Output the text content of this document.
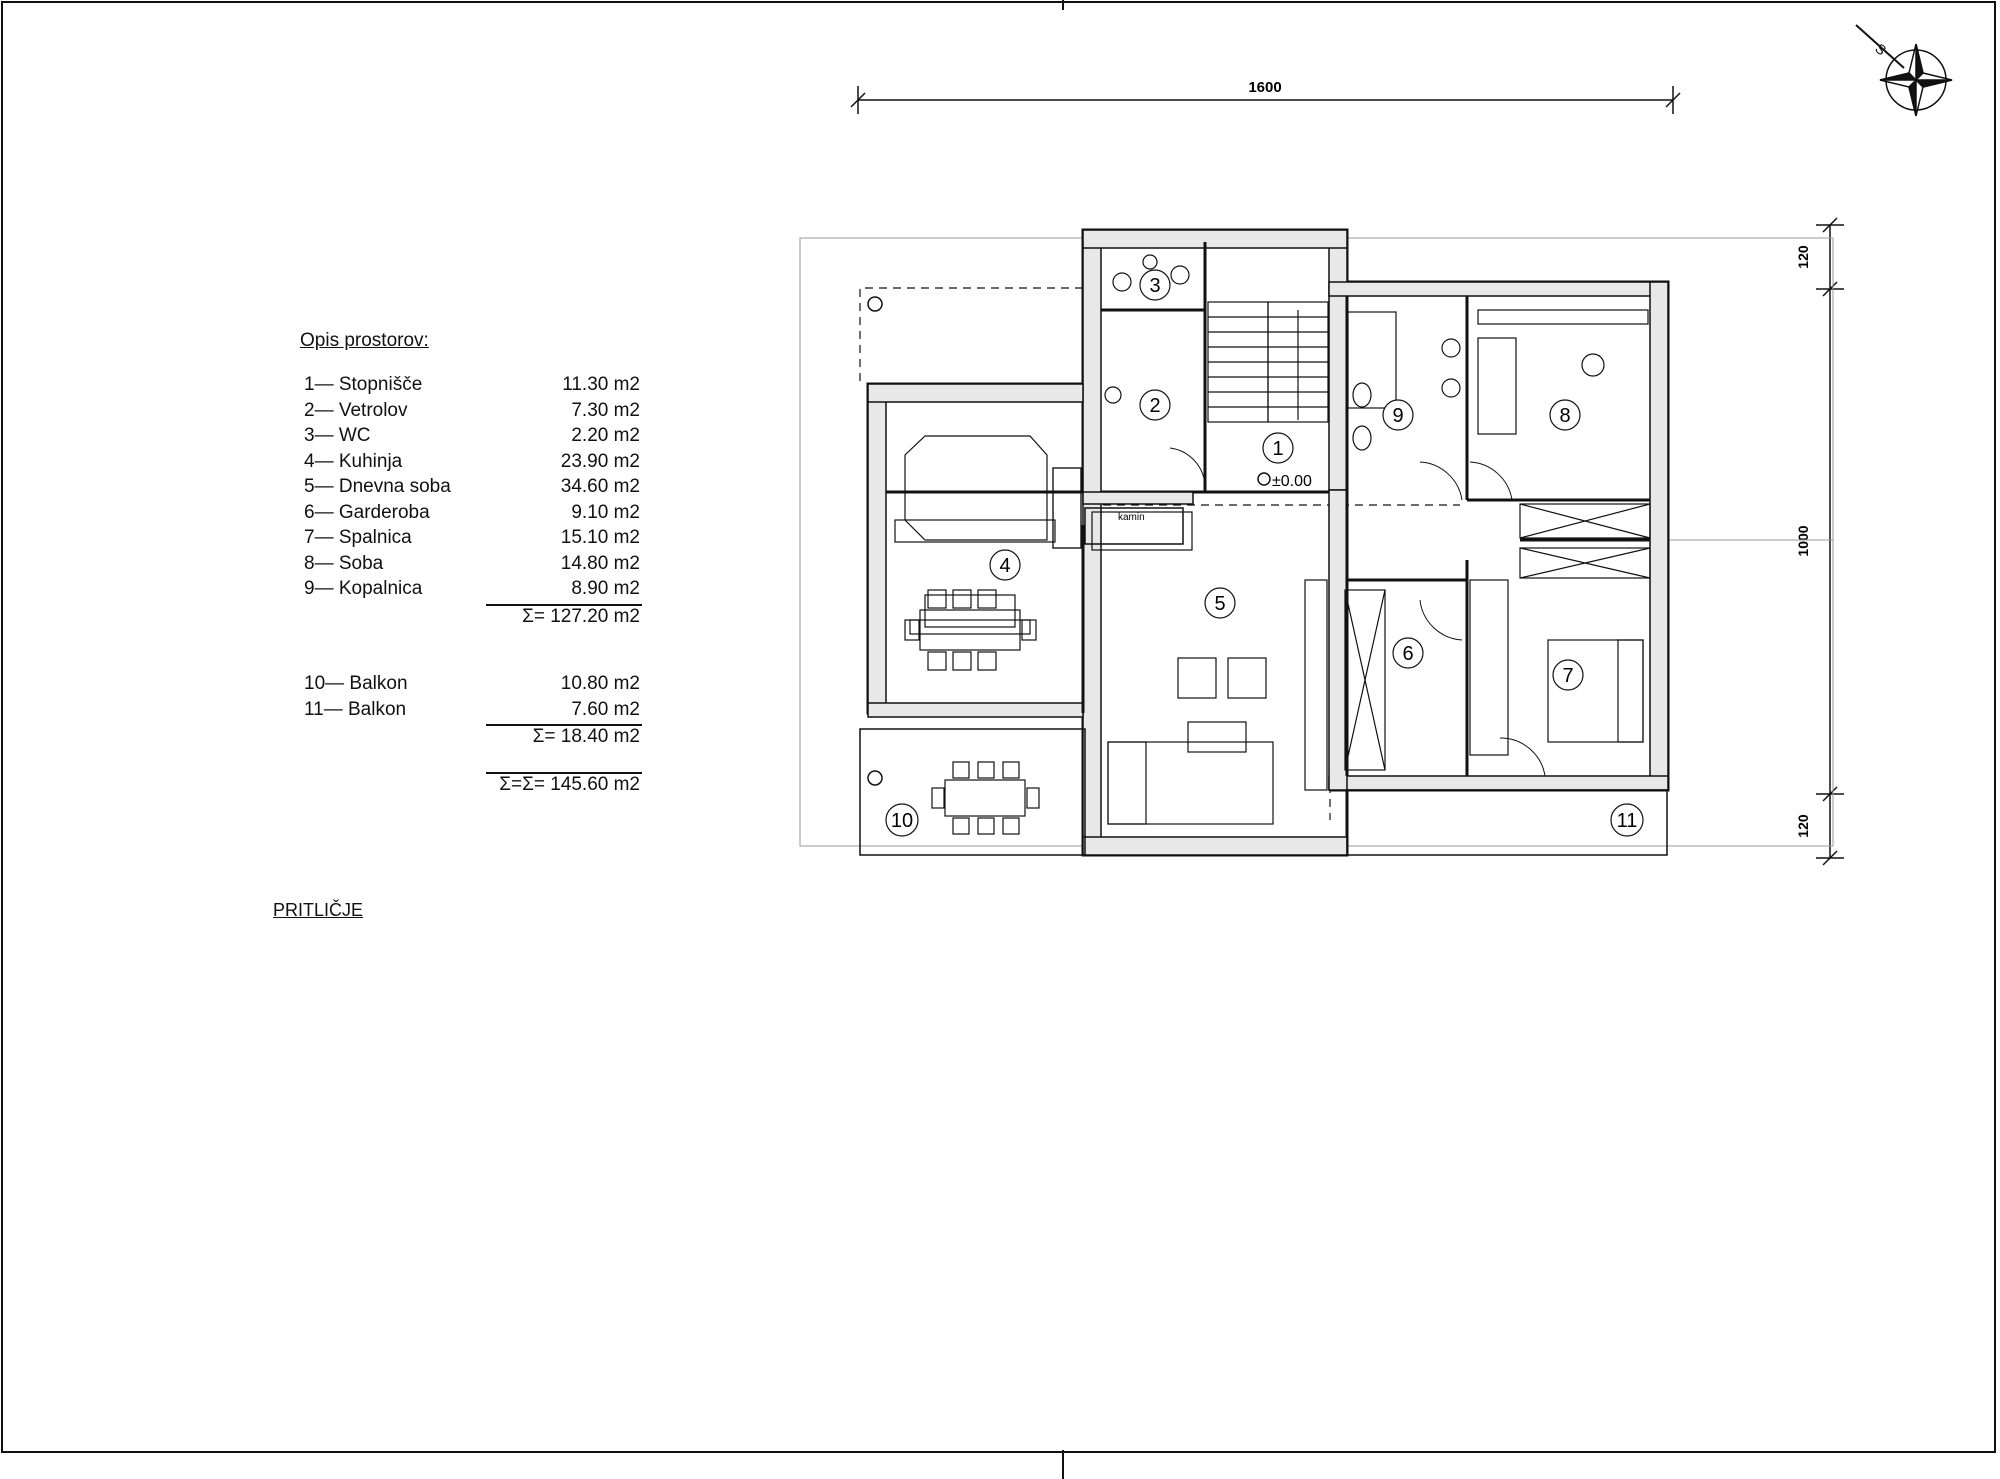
S
1600
120
1000
120
kamin
1
2
3
4
5
6
7
8
9
10	11
±0.00
Opis prostorov:
1— Stopnišče	11.30 m2
2— Vetrolov	7.30 m2
3— WC	2.20 m2
4— Kuhinja	23.90 m2
5— Dnevna soba	34.60 m2
6— Garderoba	9.10 m2
7— Spalnica	15.10 m2
8— Soba	14.80 m2
9— Kopalnica	8.90 m2
Σ= 127.20 m2
10— Balkon	10.80 m2
11— Balkon	7.60 m2
Σ= 18.40 m2
Σ=Σ= 145.60 m2
PRITLIČJE
